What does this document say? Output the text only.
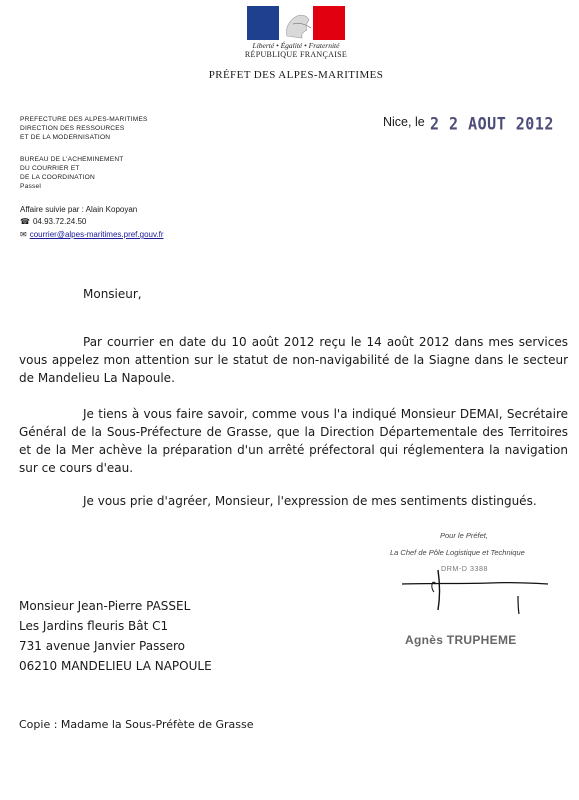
Liberté • Égalité • Fraternité
RÉPUBLIQUE FRANÇAISE
PRÉFET DES ALPES-MARITIMES
PREFECTURE DES ALPES-MARITIMES
DIRECTION DES RESSOURCES
ET DE LA MODERNISATION
BUREAU DE L'ACHEMINEMENT
DU COURRIER ET
DE LA COORDINATION
Passel
Affaire suivie par : Alain Kopoyan
☎ 04.93.72.24.50
✉ courrier@alpes-maritimes.pref.gouv.fr
Nice, le 2 2 AOUT 2012
Monsieur,
Par courrier en date du 10 août 2012 reçu le 14 août 2012 dans mes services vous appelez mon attention sur le statut de non-navigabilité de la Siagne dans le secteur de Mandelieu La Napoule.
Je tiens à vous faire savoir, comme vous l'a indiqué Monsieur DEMAI, Secrétaire Général de la Sous-Préfecture de Grasse, que la Direction Départementale des Territoires et de la Mer achève la préparation d'un arrêté préfectoral qui réglementera la navigation sur ce cours d'eau.
Je vous prie d'agréer, Monsieur, l'expression de mes sentiments distingués.
Pour le Préfet,
La Chef de Pôle Logistique et Technique
DRM-D 3388
Agnès TRUPHEME
Monsieur Jean-Pierre PASSEL
Les Jardins fleuris Bât C1
731 avenue Janvier Passero
06210 MANDELIEU LA NAPOULE
Copie : Madame la Sous-Préfète de Grasse
